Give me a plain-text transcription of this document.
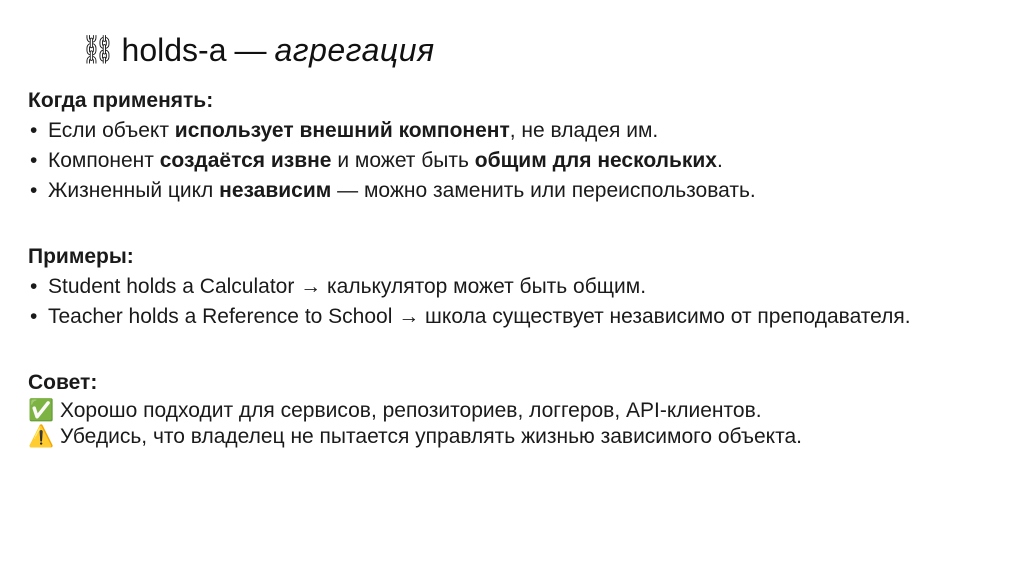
⛓ holds-a — агрегация

Когда применять:

• Если объект использует внешний компонент, не владея им.
• Компонент создаётся извне и может быть общим для нескольких.
• Жизненный цикл независим — можно заменить или переиспользовать.

Примеры:

• Student holds a Calculator → калькулятор может быть общим.
• Teacher holds a Reference to School → школа существует независимо от преподавателя.

Совет:

✅ Хорошо подходит для сервисов, репозиториев, логгеров, API-клиентов.
⚠️ Убедись, что владелец не пытается управлять жизнью зависимого объекта.
